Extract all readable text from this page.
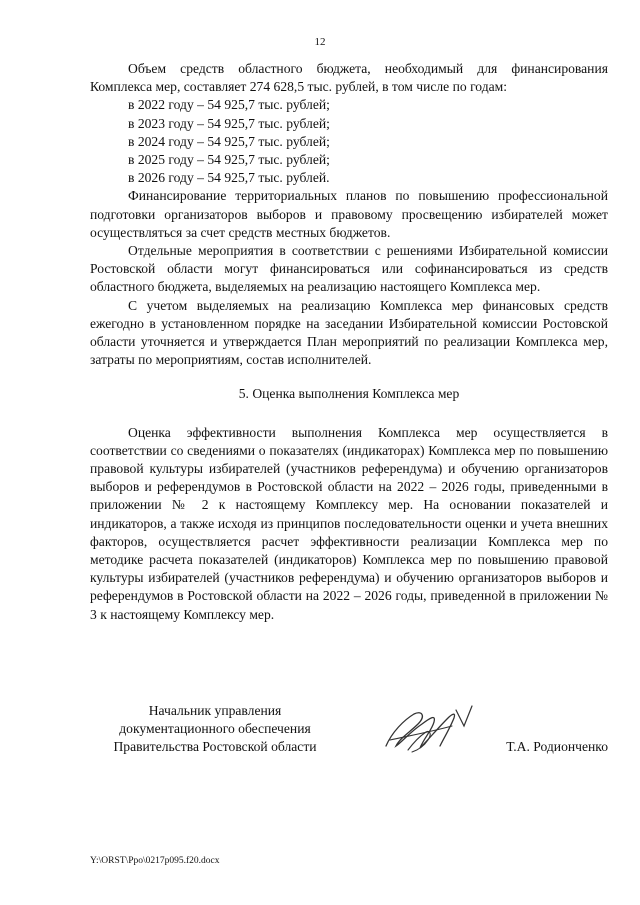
12

Объем средств областного бюджета, необходимый для финансирования Комплекса мер, составляет 274 628,5 тыс. рублей, в том числе по годам:

в 2022 году – 54 925,7 тыс. рублей;

в 2023 году – 54 925,7 тыс. рублей;

в 2024 году – 54 925,7 тыс. рублей;

в 2025 году – 54 925,7 тыс. рублей;

в 2026 году – 54 925,7 тыс. рублей.

Финансирование территориальных планов по повышению профессиональной подготовки организаторов выборов и правовому просвещению избирателей может осуществляться за счет средств местных бюджетов.

Отдельные мероприятия в соответствии с решениями Избирательной комиссии Ростовской области могут финансироваться или софинансироваться из средств областного бюджета, выделяемых на реализацию настоящего Комплекса мер.

С учетом выделяемых на реализацию Комплекса мер финансовых средств ежегодно в установленном порядке на заседании Избирательной комиссии Ростовской области уточняется и утверждается План мероприятий по реализации Комплекса мер, затраты по мероприятиям, состав исполнителей.

5. Оценка выполнения Комплекса мер

Оценка эффективности выполнения Комплекса мер осуществляется в соответствии со сведениями о показателях (индикаторах) Комплекса мер по повышению правовой культуры избирателей (участников референдума) и обучению организаторов выборов и референдумов в Ростовской области на 2022 – 2026 годы, приведенными в приложении № 2 к настоящему Комплексу мер. На основании показателей и индикаторов, а также исходя из принципов последовательности оценки и учета внешних факторов, осуществляется расчет эффективности реализации Комплекса мер по методике расчета показателей (индикаторов) Комплекса мер по повышению правовой культуры избирателей (участников референдума) и обучению организаторов выборов и референдумов в Ростовской области на 2022 – 2026 годы, приведенной в приложении № 3 к настоящему Комплексу мер.

Начальник управления
документационного обеспечения
Правительства Ростовской области	Т.А. Родионченко
Y:\ORST\Ppo\0217p095.f20.docx
